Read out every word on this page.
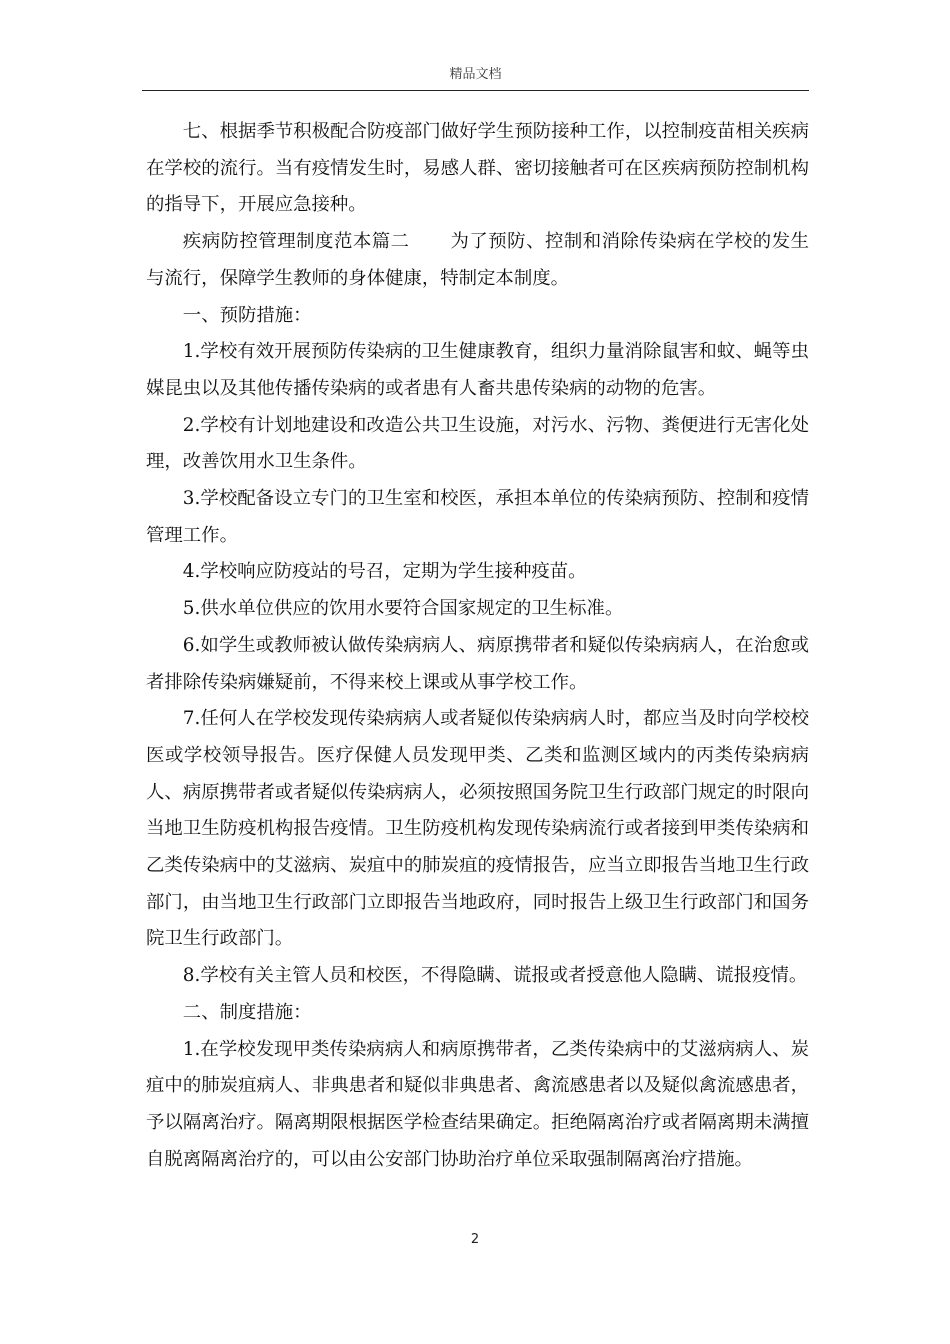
精品文档

七、根据季节积极配合防疫部门做好学生预防接种工作，以控制疫苗相关疾病在学校的流行。当有疫情发生时，易感人群、密切接触者可在区疾病预防控制机构的指导下，开展应急接种。

疾病防控管理制度范本篇二 为了预防、控制和消除传染病在学校的发生与流行，保障学生教师的身体健康，特制定本制度。

一、预防措施：

1.学校有效开展预防传染病的卫生健康教育，组织力量消除鼠害和蚊、蝇等虫媒昆虫以及其他传播传染病的或者患有人畜共患传染病的动物的危害。

2.学校有计划地建设和改造公共卫生设施，对污水、污物、粪便进行无害化处理，改善饮用水卫生条件。

3.学校配备设立专门的卫生室和校医，承担本单位的传染病预防、控制和疫情管理工作。

4.学校响应防疫站的号召，定期为学生接种疫苗。

5.供水单位供应的饮用水要符合国家规定的卫生标准。

6.如学生或教师被认做传染病病人、病原携带者和疑似传染病病人，在治愈或者排除传染病嫌疑前，不得来校上课或从事学校工作。

7.任何人在学校发现传染病病人或者疑似传染病病人时，都应当及时向学校校医或学校领导报告。医疗保健人员发现甲类、乙类和监测区域内的丙类传染病病人、病原携带者或者疑似传染病病人，必须按照国务院卫生行政部门规定的时限向当地卫生防疫机构报告疫情。卫生防疫机构发现传染病流行或者接到甲类传染病和乙类传染病中的艾滋病、炭疽中的肺炭疽的疫情报告，应当立即报告当地卫生行政部门，由当地卫生行政部门立即报告当地政府，同时报告上级卫生行政部门和国务院卫生行政部门。

8.学校有关主管人员和校医，不得隐瞒、谎报或者授意他人隐瞒、谎报疫情。

二、制度措施：

1.在学校发现甲类传染病病人和病原携带者，乙类传染病中的艾滋病病人、炭疽中的肺炭疽病人、非典患者和疑似非典患者、禽流感患者以及疑似禽流感患者，予以隔离治疗。隔离期限根据医学检查结果确定。拒绝隔离治疗或者隔离期未满擅自脱离隔离治疗的，可以由公安部门协助治疗单位采取强制隔离治疗措施。

2
